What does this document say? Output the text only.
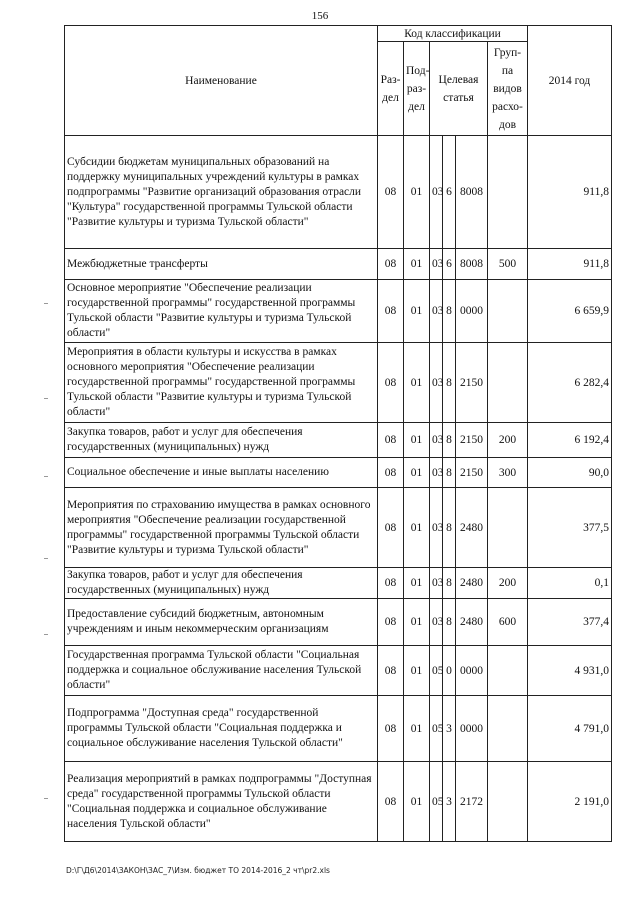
156
Наименование	Код классификации						2014 год
	Раз-дел	Под-раз-дел	Целевая статья			Груп-па видов расхо-дов	
Субсидии бюджетам муниципальных образований на поддержку муниципальных учреждений культуры в рамках подпрограммы "Развитие организаций образования отрасли "Культура" государственной программы Тульской области "Развитие культуры и туризма Тульской области"	08	01	03	6	8008		911,8
Межбюджетные трансферты	08	01	03	6	8008	500	911,8
Основное мероприятие "Обеспечение реализации государственной программы" государственной программы Тульской области "Развитие культуры и туризма Тульской области"	08	01	03	8	0000		6 659,9
Мероприятия в области культуры и искусства в рамках основного мероприятия "Обеспечение реализации государственной программы" государственной программы Тульской области "Развитие культуры и туризма Тульской области"	08	01	03	8	2150		6 282,4
Закупка товаров, работ и услуг для обеспечения государственных (муниципальных) нужд	08	01	03	8	2150	200	6 192,4
Социальное обеспечение и иные выплаты населению	08	01	03	8	2150	300	90,0
Мероприятия по страхованию имущества в рамках основного мероприятия "Обеспечение реализации государственной программы" государственной программы Тульской области "Развитие культуры и туризма Тульской области"	08	01	03	8	2480		377,5
Закупка товаров, работ и услуг для обеспечения государственных (муниципальных) нужд	08	01	03	8	2480	200	0,1
Предоставление субсидий бюджетным, автономным учреждениям и иным некоммерческим организациям	08	01	03	8	2480	600	377,4
Государственная программа Тульской области "Социальная поддержка и социальное обслуживание населения Тульской области"	08	01	05	0	0000		4 931,0
Подпрограмма "Доступная среда" государственной программы Тульской области "Социальная поддержка и социальное обслуживание населения Тульской области"	08	01	05	3	0000		4 791,0
Реализация мероприятий в рамках подпрограммы "Доступная среда" государственной программы Тульской области "Социальная поддержка и социальное обслуживание населения Тульской области"	08	01	05	3	2172		2 191,0
D:\Г\Д6\2014\ЗАКОН\ЗАС_7\Изм. бюджет ТО 2014-2016_2 чт\pr2.xls
